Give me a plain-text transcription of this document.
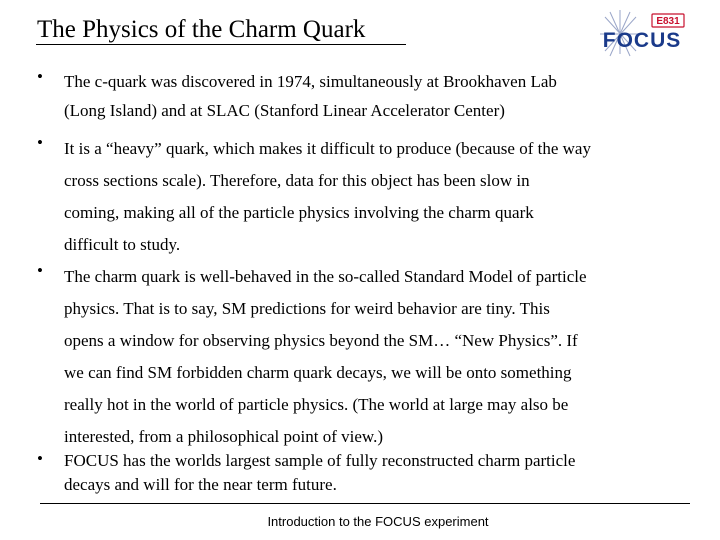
The Physics of the Charm Quark	E831
FOCUS
• The c-quark was discovered in 1974, simultaneously at Brookhaven Lab
(Long Island) and at SLAC (Stanford Linear Accelerator Center)
• It is a “heavy” quark, which makes it difficult to produce (because of the way
cross sections scale). Therefore, data for this object has been slow in
coming, making all of the particle physics involving the charm quark
difficult to study.
• The charm quark is well-behaved in the so-called Standard Model of particle
physics. That is to say, SM predictions for weird behavior are tiny. This
opens a window for observing physics beyond the SM… “New Physics”. If
we can find SM forbidden charm quark decays, we will be onto something
really hot in the world of particle physics. (The world at large may also be
interested, from a philosophical point of view.)
• FOCUS has the worlds largest sample of fully reconstructed charm particle
decays and will for the near term future.
Introduction to the FOCUS experiment
